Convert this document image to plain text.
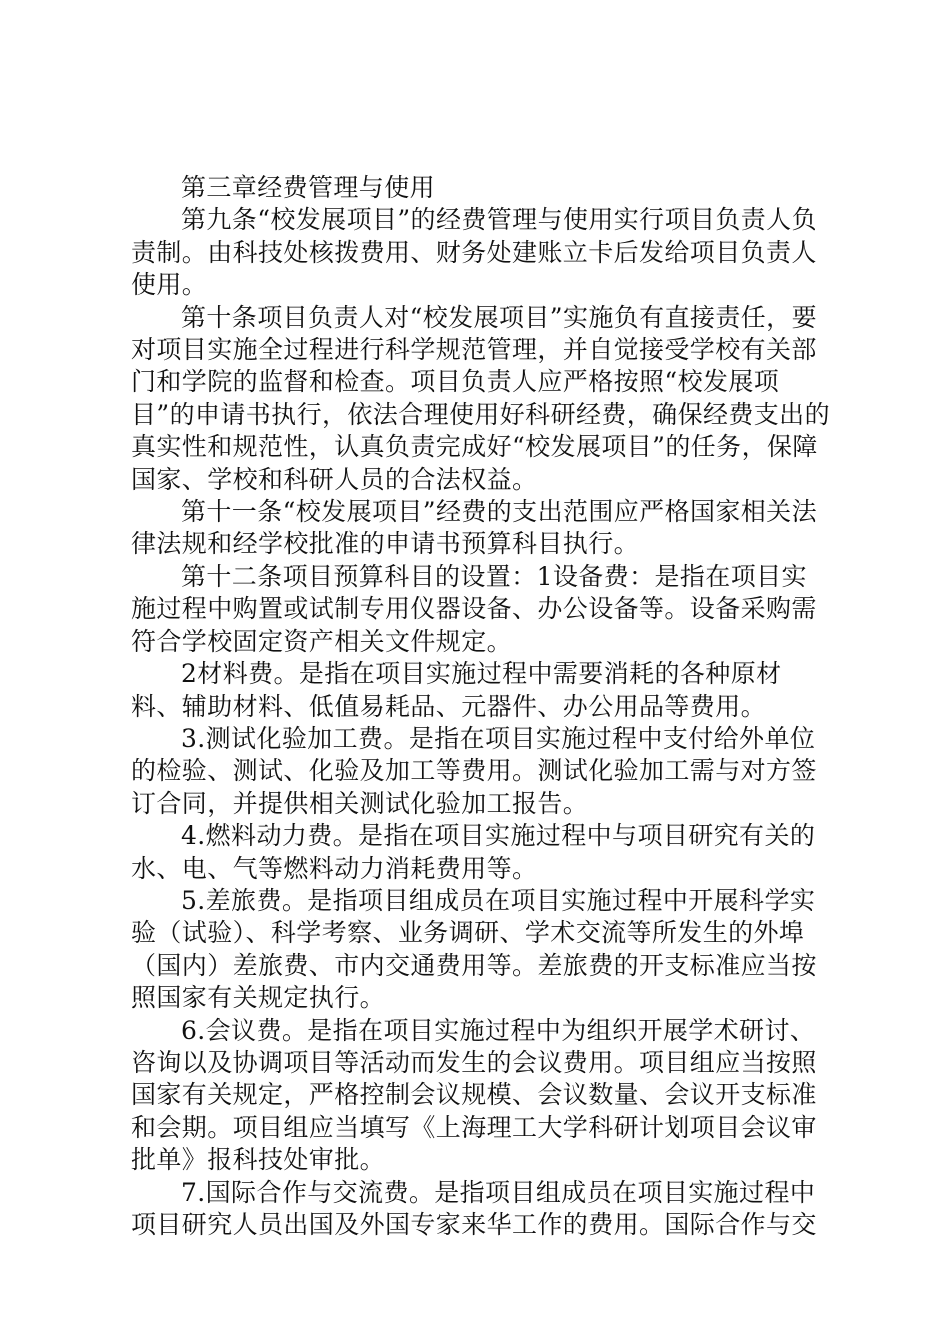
第三章经费管理与使用

第九条“校发展项目”的经费管理与使用实行项目负责人负责制。由科技处核拨费用、财务处建账立卡后发给项目负责人使用。

第十条项目负责人对“校发展项目”实施负有直接责任，要对项目实施全过程进行科学规范管理，并自觉接受学校有关部门和学院的监督和检查。项目负责人应严格按照“校发展项目”的申请书执行，依法合理使用好科研经费，确保经费支出的真实性和规范性，认真负责完成好“校发展项目”的任务，保障国家、学校和科研人员的合法权益。

第十一条“校发展项目”经费的支出范围应严格国家相关法律法规和经学校批准的申请书预算科目执行。

第十二条项目预算科目的设置：1设备费：是指在项目实施过程中购置或试制专用仪器设备、办公设备等。设备采购需符合学校固定资产相关文件规定。

2材料费。是指在项目实施过程中需要消耗的各种原材料、辅助材料、低值易耗品、元器件、办公用品等费用。

3.测试化验加工费。是指在项目实施过程中支付给外单位的检验、测试、化验及加工等费用。测试化验加工需与对方签订合同，并提供相关测试化验加工报告。

4.燃料动力费。是指在项目实施过程中与项目研究有关的水、电、气等燃料动力消耗费用等。

5.差旅费。是指项目组成员在项目实施过程中开展科学实验（试验）、科学考察、业务调研、学术交流等所发生的外埠（国内）差旅费、市内交通费用等。差旅费的开支标准应当按照国家有关规定执行。

6.会议费。是指在项目实施过程中为组织开展学术研讨、咨询以及协调项目等活动而发生的会议费用。项目组应当按照国家有关规定，严格控制会议规模、会议数量、会议开支标准和会期。项目组应当填写《上海理工大学科研计划项目会议审批单》报科技处审批。

7.国际合作与交流费。是指项目组成员在项目实施过程中项目研究人员出国及外国专家来华工作的费用。国际合作与交
